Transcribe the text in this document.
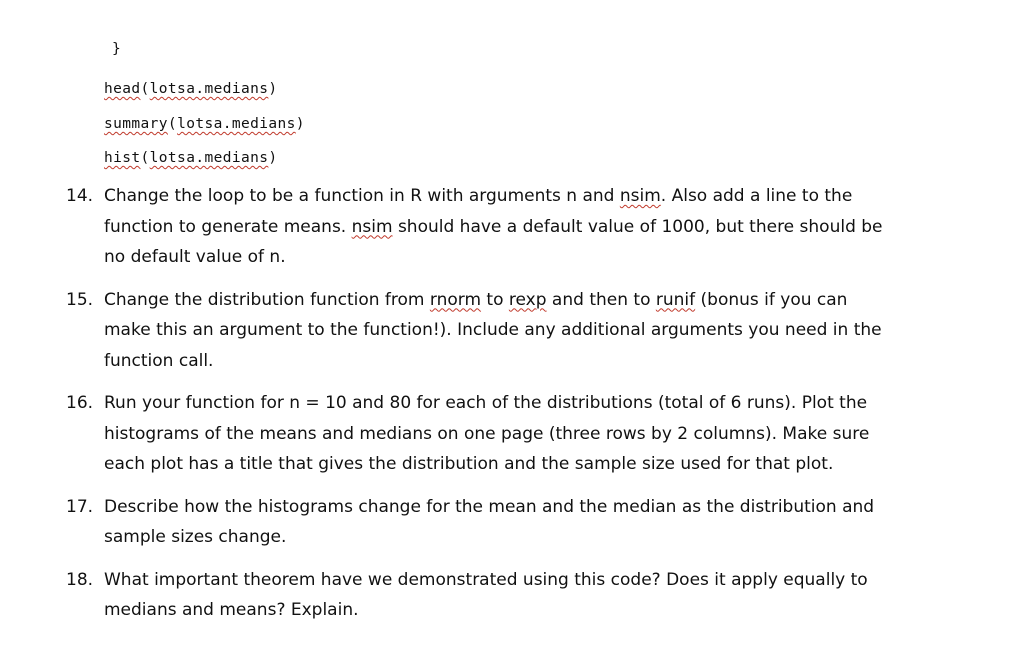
}
head(lotsa.medians)
summary(lotsa.medians)
hist(lotsa.medians)
14. Change the loop to be a function in R with arguments n and nsim. Also add a line to the
function to generate means. nsim should have a default value of 1000, but there should be
no default value of n.
15. Change the distribution function from rnorm to rexp and then to runif (bonus if you can
make this an argument to the function!). Include any additional arguments you need in the
function call.
16. Run your function for n = 10 and 80 for each of the distributions (total of 6 runs). Plot the
histograms of the means and medians on one page (three rows by 2 columns). Make sure
each plot has a title that gives the distribution and the sample size used for that plot.
17. Describe how the histograms change for the mean and the median as the distribution and
sample sizes change.
18. What important theorem have we demonstrated using this code? Does it apply equally to
medians and means? Explain.
